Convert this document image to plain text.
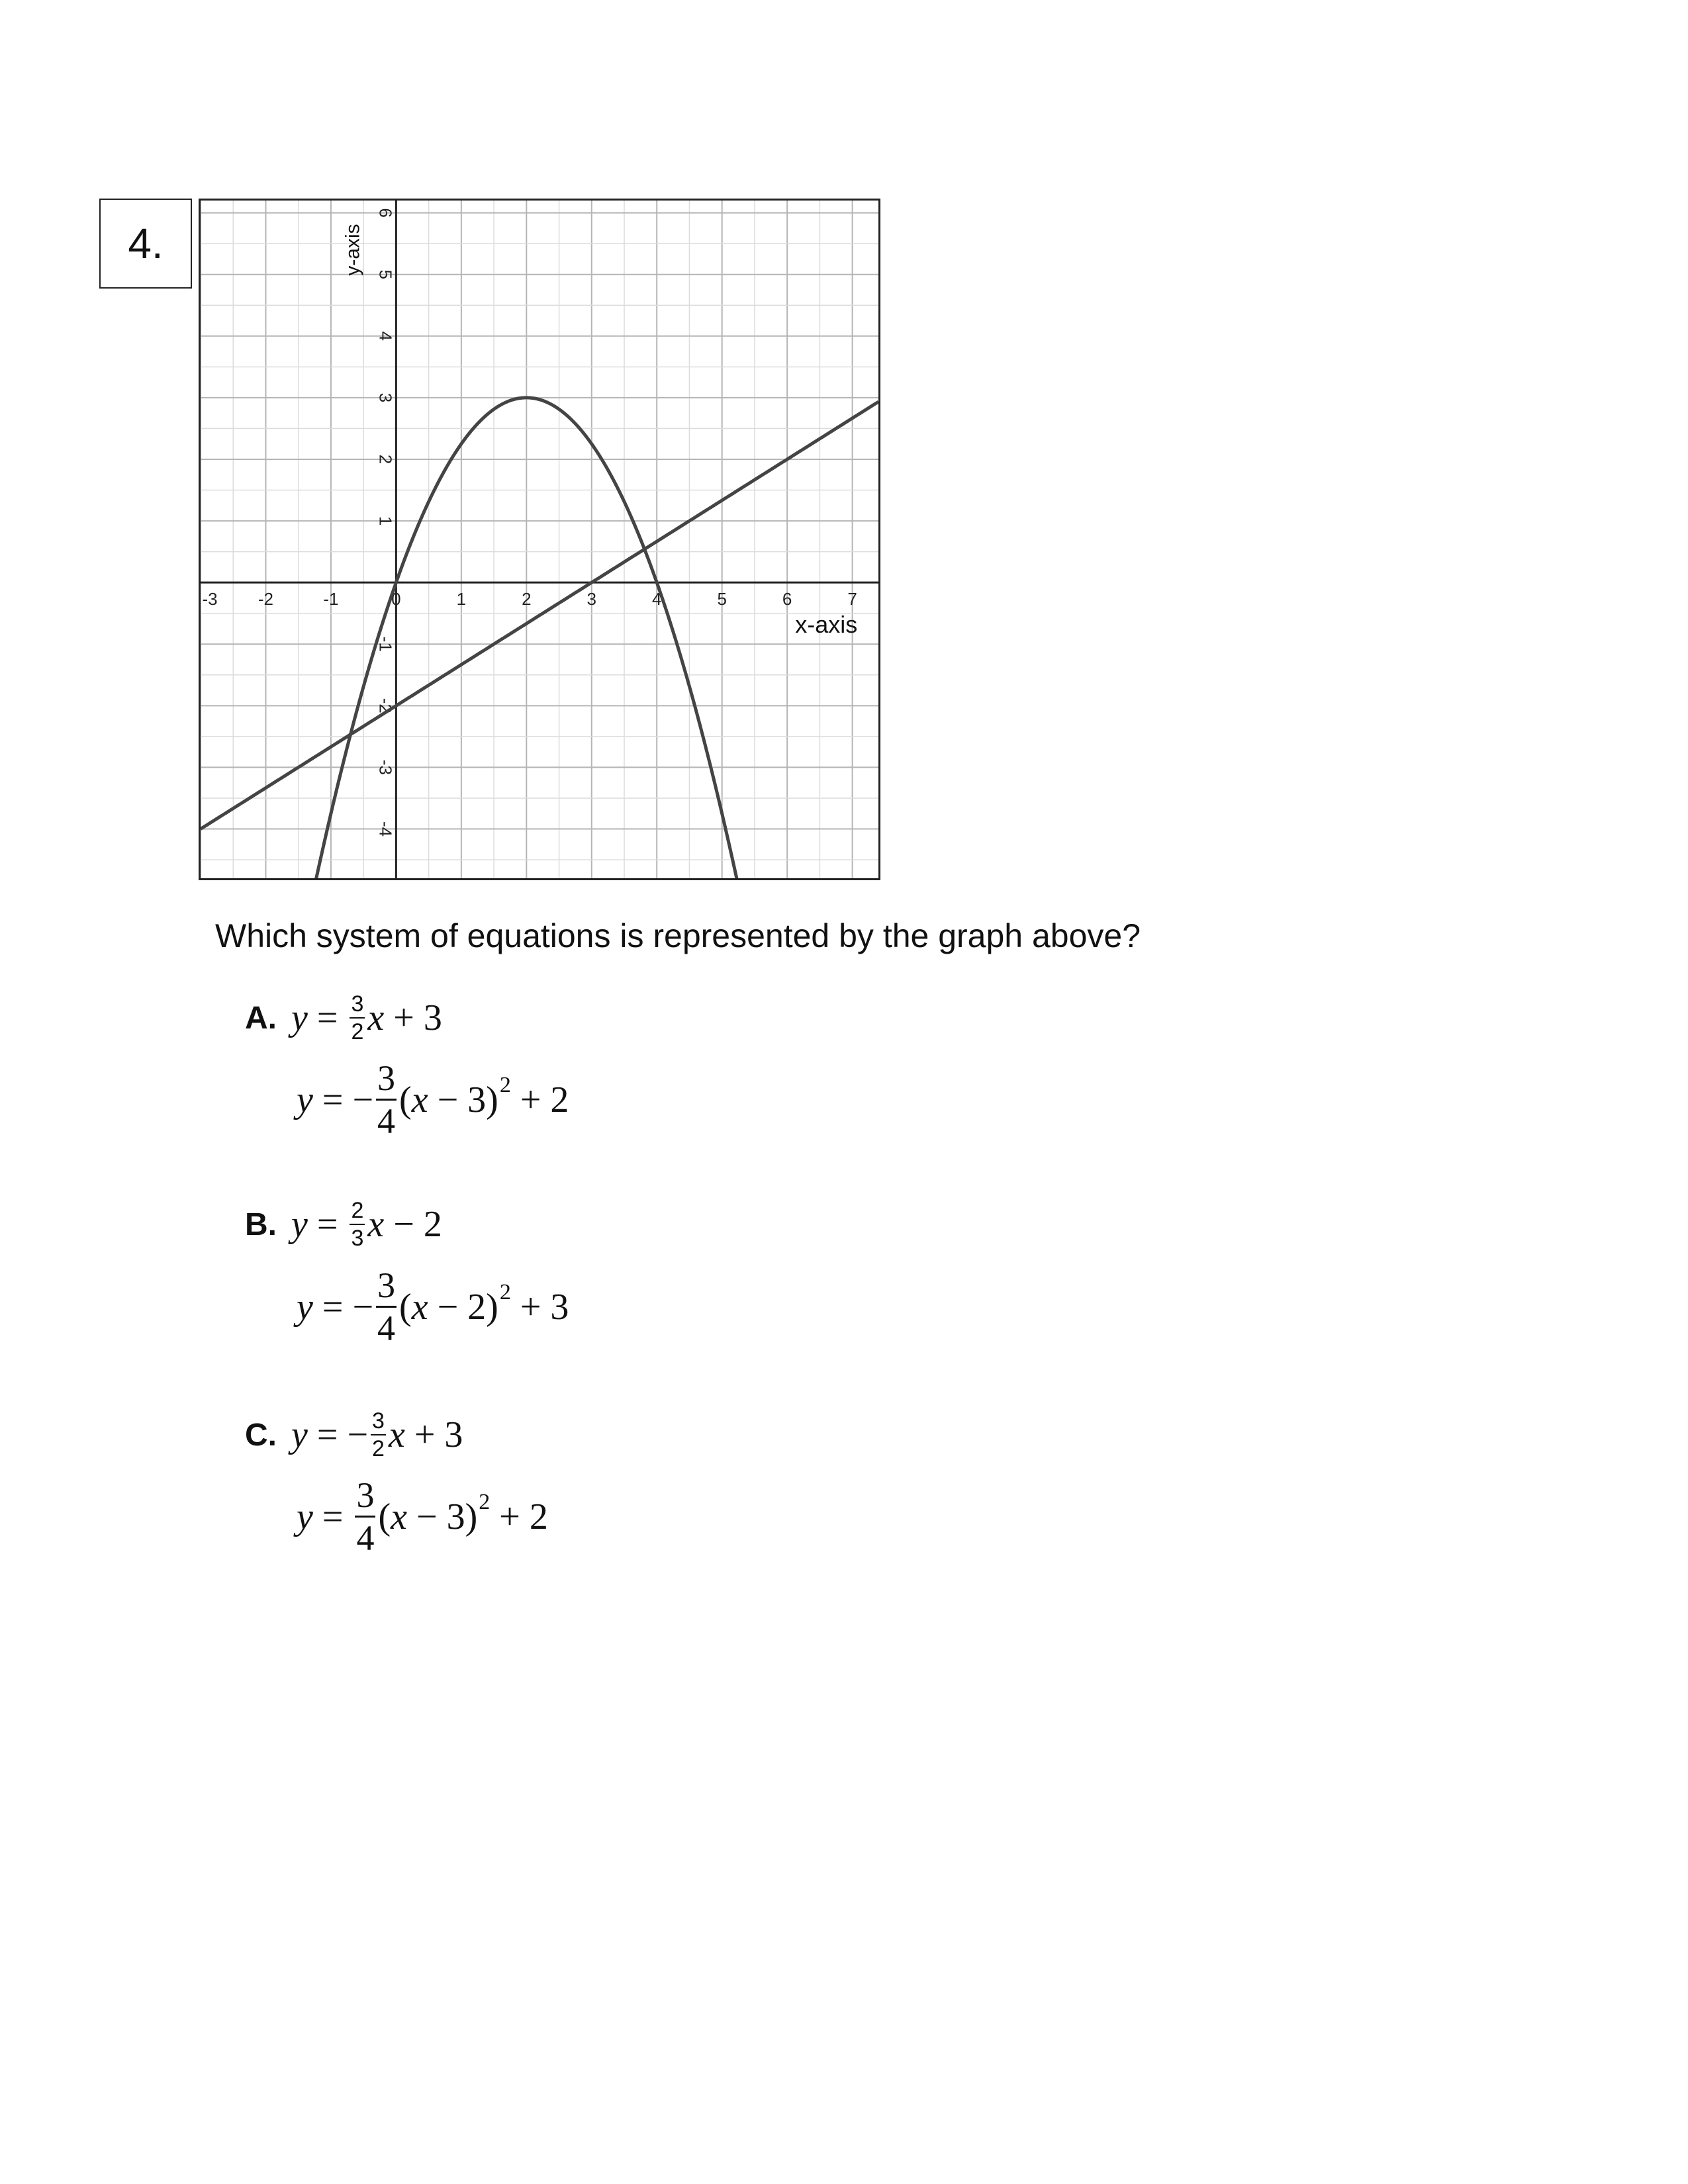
4.
-3 -2	-1	0	1	2	3	4	5	6	7
-4
-3
-2
-1
1
2
3
4
5
6
x-axis
y-axis
Which system of equations is represented by the graph above?
A. $y = \frac{3}{2}$ x + 3
y = − $\frac{3}{4}$ ( x − 3 ) 2 + 2
B. $y = \frac{2}{3}$ x − 2
y = − $\frac{3}{4}$ ( x − 2 ) 2 + 3
C. y = − $\frac{3}{2}$ x + 3
$y = \frac{3}{4}$ ( x − 3 ) 2 + 2
